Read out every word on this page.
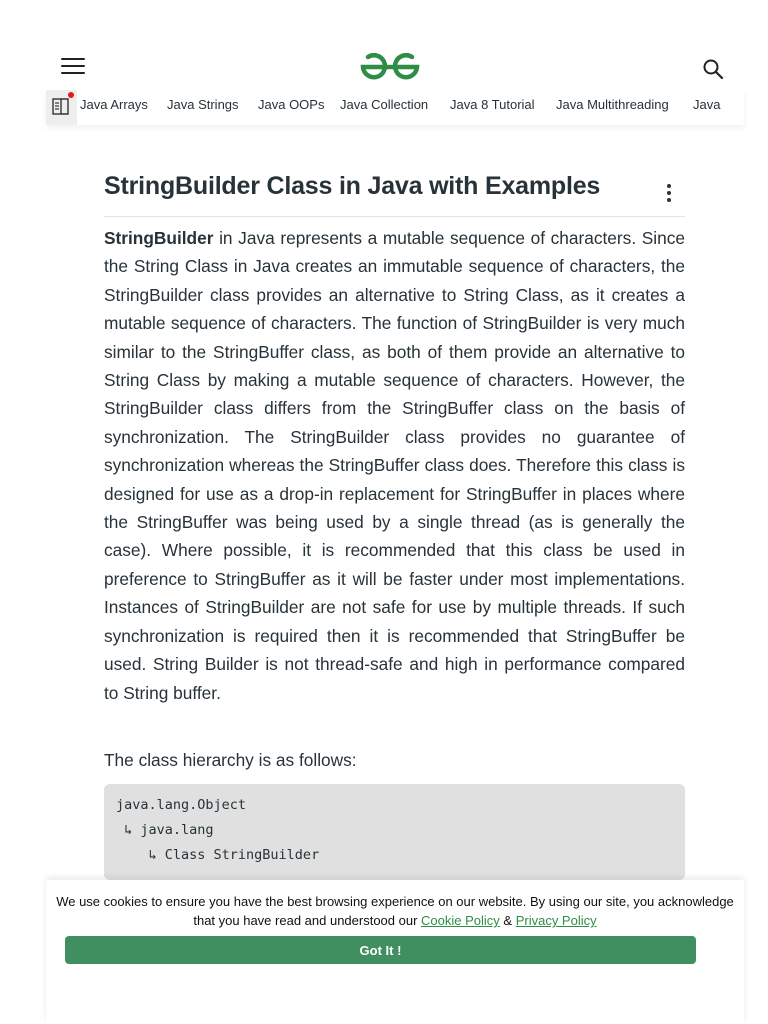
Java Arrays Java Strings Java OOPs Java Collection Java 8 Tutorial Java Multithreading Java
StringBuilder Class in Java with Examples

StringBuilder in Java represents a mutable sequence of characters. Since the String Class in Java creates an immutable sequence of characters, the StringBuilder class provides an alternative to String Class, as it creates a mutable sequence of characters. The function of StringBuilder is very much similar to the StringBuffer class, as both of them provide an alternative to String Class by making a mutable sequence of characters. However, the StringBuilder class differs from the StringBuffer class on the basis of synchronization. The StringBuilder class provides no guarantee of synchronization whereas the StringBuffer class does. Therefore this class is designed for use as a drop-in replacement for StringBuffer in places where the StringBuffer was being used by a single thread (as is generally the case). Where possible, it is recommended that this class be used in preference to StringBuffer as it will be faster under most implementations. Instances of StringBuilder are not safe for use by multiple threads. If such synchronization is required then it is recommended that StringBuffer be used. String Builder is not thread-safe and high in performance compared to String buffer.

The class hierarchy is as follows:
java.lang.Object
↳ java.lang
↳ Class StringBuilder
We use cookies to ensure you have the best browsing experience on our website. By using our site, you acknowledge that you have read and understood our Cookie Policy & Privacy Policy
Got It !
